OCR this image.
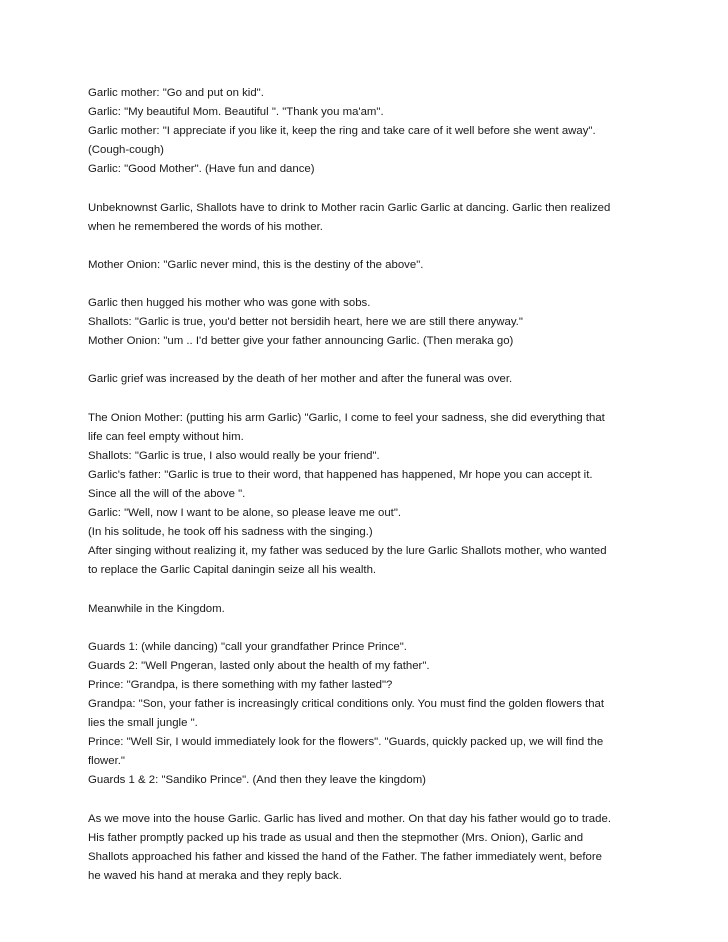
Garlic mother: "Go and put on kid".
Garlic: "My beautiful Mom. Beautiful ". "Thank you ma'am".
Garlic mother: "I appreciate if you like it, keep the ring and take care of it well before she went away".
(Cough-cough)
Garlic: "Good Mother". (Have fun and dance)

Unbeknownst Garlic, Shallots have to drink to Mother racin Garlic Garlic at dancing. Garlic then realized
when he remembered the words of his mother.

Mother Onion: "Garlic never mind, this is the destiny of the above".

Garlic then hugged his mother who was gone with sobs.
Shallots: "Garlic is true, you'd better not bersidih heart, here we are still there anyway."
Mother Onion: "um .. I'd better give your father announcing Garlic. (Then meraka go)

Garlic grief was increased by the death of her mother and after the funeral was over.

The Onion Mother: (putting his arm Garlic) "Garlic, I come to feel your sadness, she did everything that
life can feel empty without him.
Shallots: "Garlic is true, I also would really be your friend".
Garlic's father: "Garlic is true to their word, that happened has happened, Mr hope you can accept it.
Since all the will of the above ".
Garlic: "Well, now I want to be alone, so please leave me out".
(In his solitude, he took off his sadness with the singing.)
After singing without realizing it, my father was seduced by the lure Garlic Shallots mother, who wanted
to replace the Garlic Capital daningin seize all his wealth.

Meanwhile in the Kingdom.

Guards 1: (while dancing) "call your grandfather Prince Prince".
Guards 2: "Well Pngeran, lasted only about the health of my father".
Prince: "Grandpa, is there something with my father lasted"?
Grandpa: "Son, your father is increasingly critical conditions only. You must find the golden flowers that
lies the small jungle ".
Prince: "Well Sir, I would immediately look for the flowers". "Guards, quickly packed up, we will find the
flower."
Guards 1 & 2: "Sandiko Prince". (And then they leave the kingdom)

As we move into the house Garlic. Garlic has lived and mother. On that day his father would go to trade.
His father promptly packed up his trade as usual and then the stepmother (Mrs. Onion), Garlic and
Shallots approached his father and kissed the hand of the Father. The father immediately went, before
he waved his hand at meraka and they reply back.
